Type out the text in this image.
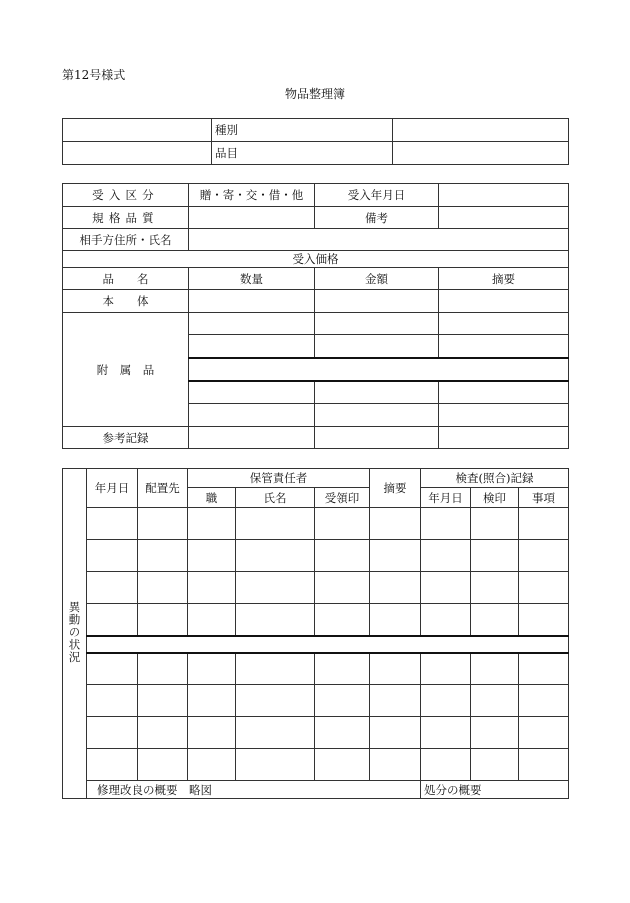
第12号様式
物品整理簿
	種別	
	品目	
受入区分	贈・寄・交・借・他	受入年月日	
規格品質		備考	
相手方住所・氏名			
受入価格			
品　　名	数量	金額	摘要
本　　体			
附　属　品			

参考記録			
異動の状況	年月日	配置先	保管責任者			摘要	検査(照合)記録		
			職	氏名	受領印		年月日	検印	事項

	修理改良の概要　略図						処分の概要		
